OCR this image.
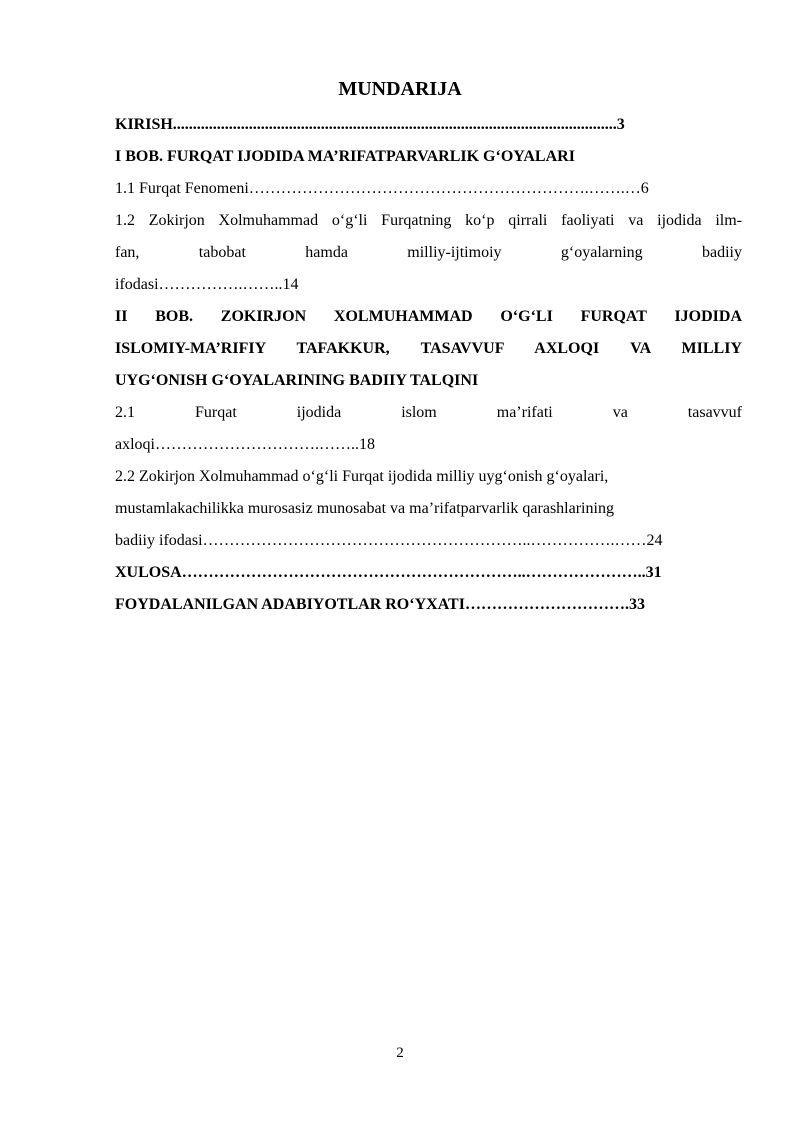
MUNDARIJA
KIRISH...............................................................................................................3
I BOB. FURQAT IJODIDA MA’RIFATPARVARLIK G‘OYALARI
1.1 Furqat Fenomeni……………………………………………………….…….…6
1.2 Zokirjon Xolmuhammad o‘g‘li Furqatning ko‘p qirrali faoliyati va ijodida ilm-
fan, tabobat hamda milliy-ijtimoiy g‘oyalarning badiiy
ifodasi…………….……..14
II BOB. ZOKIRJON XOLMUHAMMAD O‘G‘LI FURQAT IJODIDA
ISLOMIY-MA’RIFIY TAFAKKUR, TASAVVUF AXLOQI VA MILLIY
UYG‘ONISH G‘OYALARINING BADIIY TALQINI
2.1 Furqat ijodida islom ma’rifati va tasavvuf
axloqi………………………….……..18
2.2 Zokirjon Xolmuhammad o‘g‘li Furqat ijodida milliy uyg‘onish g‘oyalari,
mustamlakachilikka murosasiz munosabat va ma’rifatparvarlik qarashlarining
badiiy ifodasi……………………………………………………..…………….……24
XULOSA………………………………………………………..…………………..31
FOYDALANILGAN ADABIYOTLAR RO‘YXATI………………………….33
2
